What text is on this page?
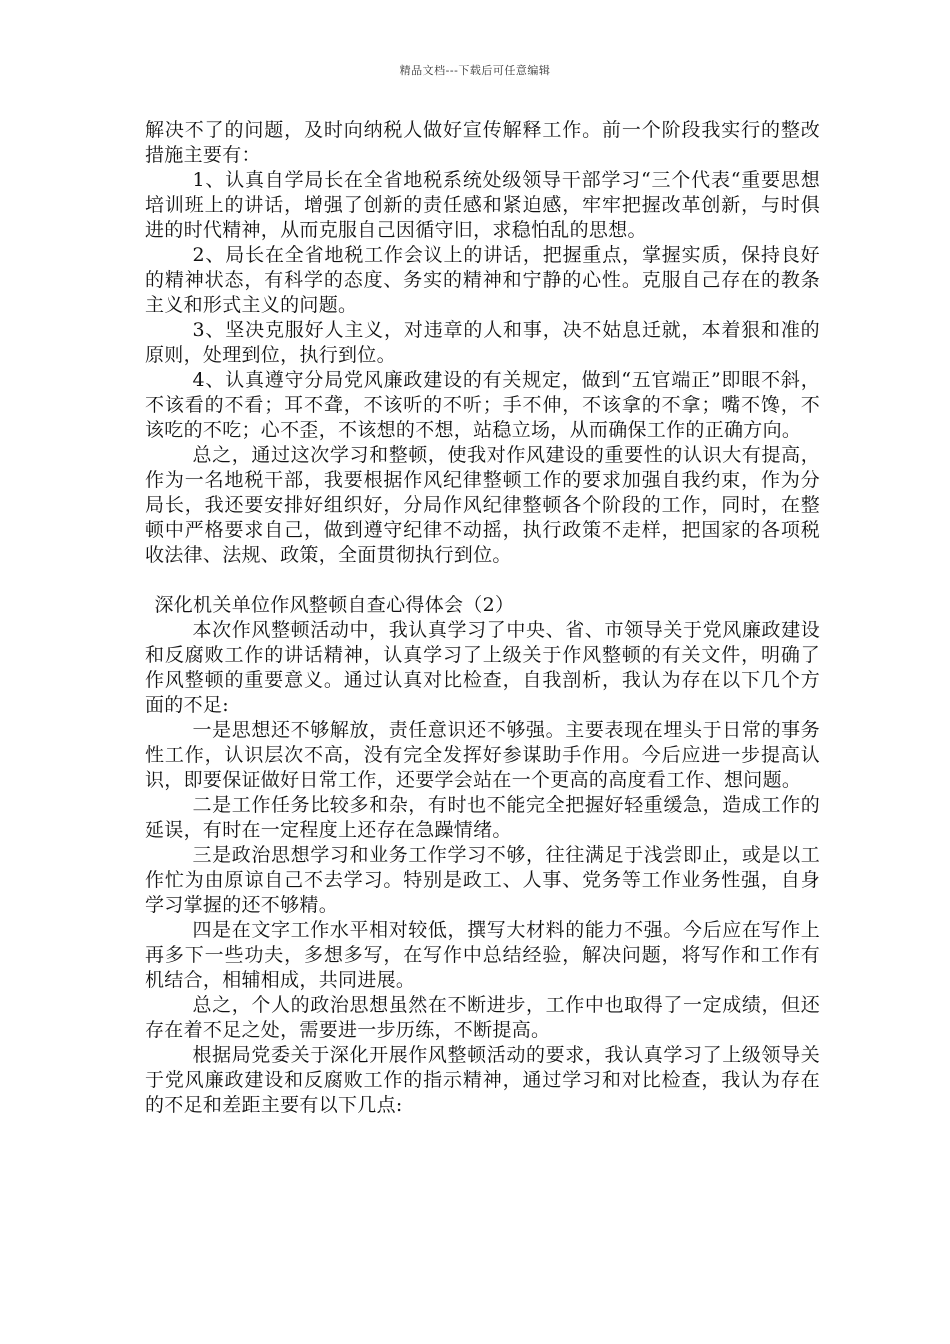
精品文档---下载后可任意编辑

解决不了的问题，及时向纳税人做好宣传解释工作。前一个阶段我实行的整改措施主要有：

1、认真自学局长在全省地税系统处级领导干部学习“三个代表“重要思想培训班上的讲话，增强了创新的责任感和紧迫感，牢牢把握改革创新，与时俱进的时代精神，从而克服自己因循守旧，求稳怕乱的思想。

2、局长在全省地税工作会议上的讲话，把握重点，掌握实质，保持良好的精神状态，有科学的态度、务实的精神和宁静的心性。克服自己存在的教条主义和形式主义的问题。

3、坚决克服好人主义，对违章的人和事，决不姑息迁就，本着狠和准的原则，处理到位，执行到位。

4、认真遵守分局党风廉政建设的有关规定，做到“五官端正”即眼不斜，不该看的不看；耳不聋，不该听的不听；手不伸，不该拿的不拿；嘴不馋，不该吃的不吃；心不歪，不该想的不想，站稳立场，从而确保工作的正确方向。

总之，通过这次学习和整顿，使我对作风建设的重要性的认识大有提高，作为一名地税干部，我要根据作风纪律整顿工作的要求加强自我约束，作为分局长，我还要安排好组织好，分局作风纪律整顿各个阶段的工作，同时，在整顿中严格要求自己，做到遵守纪律不动摇，执行政策不走样，把国家的各项税收法律、法规、政策，全面贯彻执行到位。

深化机关单位作风整顿自查心得体会（2）

本次作风整顿活动中，我认真学习了中央、省、市领导关于党风廉政建设和反腐败工作的讲话精神，认真学习了上级关于作风整顿的有关文件，明确了作风整顿的重要意义。通过认真对比检查，自我剖析，我认为存在以下几个方面的不足:

一是思想还不够解放，责任意识还不够强。主要表现在埋头于日常的事务性工作，认识层次不高，没有完全发挥好参谋助手作用。今后应进一步提高认识，即要保证做好日常工作，还要学会站在一个更高的高度看工作、想问题。

二是工作任务比较多和杂，有时也不能完全把握好轻重缓急，造成工作的延误，有时在一定程度上还存在急躁情绪。

三是政治思想学习和业务工作学习不够，往往满足于浅尝即止，或是以工作忙为由原谅自己不去学习。特别是政工、人事、党务等工作业务性强，自身学习掌握的还不够精。

四是在文字工作水平相对较低，撰写大材料的能力不强。今后应在写作上再多下一些功夫，多想多写，在写作中总结经验，解决问题，将写作和工作有机结合，相辅相成，共同进展。

总之，个人的政治思想虽然在不断进步，工作中也取得了一定成绩，但还存在着不足之处，需要进一步历练，不断提高。

根据局党委关于深化开展作风整顿活动的要求，我认真学习了上级领导关于党风廉政建设和反腐败工作的指示精神，通过学习和对比检查，我认为存在的不足和差距主要有以下几点:
